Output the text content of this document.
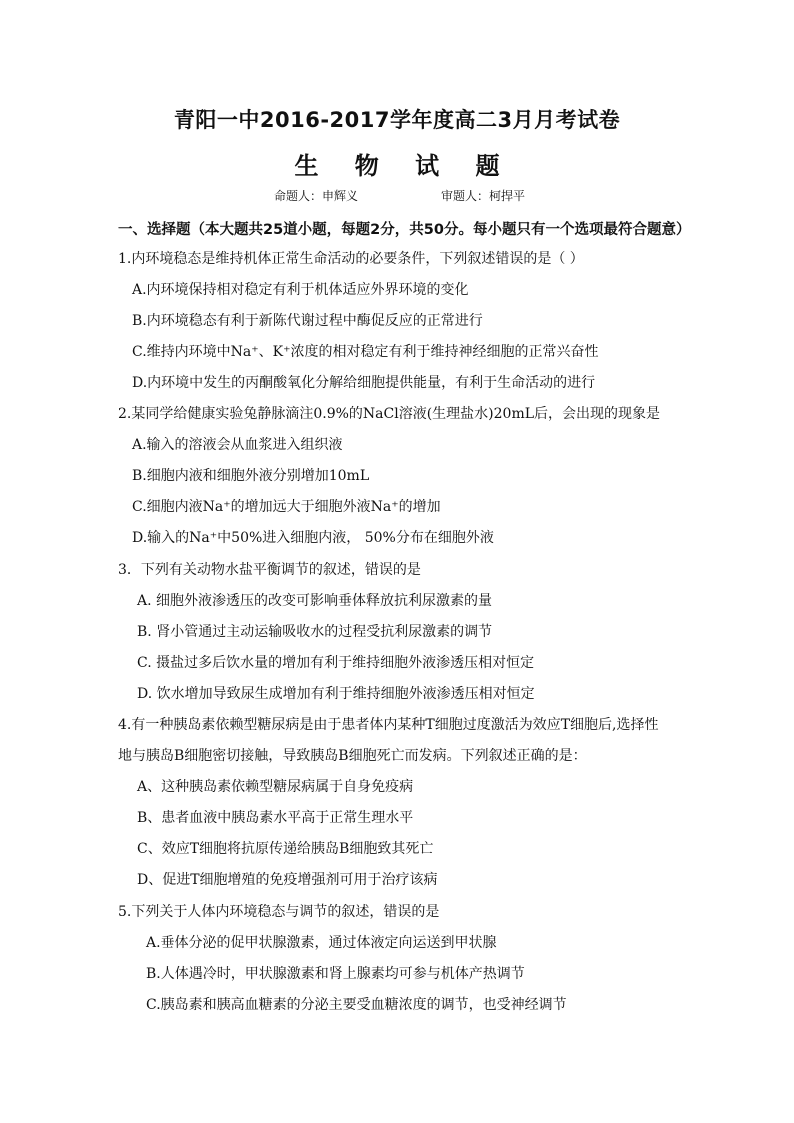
青阳一中2016-2017学年度高二3月月考试卷
生 物 试 题
命题人：申辉义	审题人：柯捍平
一、选择题（本大题共25道小题，每题2分，共50分。每小题只有一个选项最符合题意）
1.内环境稳态是维持机体正常生命活动的必要条件，下列叙述错误的是（ ）
A.内环境保持相对稳定有利于机体适应外界环境的变化
B.内环境稳态有利于新陈代谢过程中酶促反应的正常进行
C.维持内环境中Na⁺、K⁺浓度的相对稳定有利于维持神经细胞的正常兴奋性
D.内环境中发生的丙酮酸氧化分解给细胞提供能量，有利于生命活动的进行
2.某同学给健康实验兔静脉滴注0.9%的NaCl溶液(生理盐水)20mL后，会出现的现象是
A.输入的溶液会从血浆进入组织液
B.细胞内液和细胞外液分别增加10mL
C.细胞内液Na⁺的增加远大于细胞外液Na⁺的增加
D.输入的Na⁺中50%进入细胞内液， 50%分布在细胞外液
3．下列有关动物水盐平衡调节的叙述，错误的是
A. 细胞外液渗透压的改变可影响垂体释放抗利尿激素的量
B. 肾小管通过主动运输吸收水的过程受抗利尿激素的调节
C. 摄盐过多后饮水量的增加有利于维持细胞外液渗透压相对恒定
D. 饮水增加导致尿生成增加有利于维持细胞外液渗透压相对恒定
4.有一种胰岛素依赖型糖尿病是由于患者体内某种T细胞过度激活为效应T细胞后,选择性
地与胰岛B细胞密切接触，导致胰岛B细胞死亡而发病。下列叙述正确的是：
A、这种胰岛素依赖型糖尿病属于自身免疫病
B、患者血液中胰岛素水平高于正常生理水平
C、效应T细胞将抗原传递给胰岛B细胞致其死亡
D、促进T细胞增殖的免疫增强剂可用于治疗该病
5.下列关于人体内环境稳态与调节的叙述，错误的是
A.垂体分泌的促甲状腺激素，通过体液定向运送到甲状腺
B.人体遇冷时，甲状腺激素和肾上腺素均可参与机体产热调节
C.胰岛素和胰高血糖素的分泌主要受血糖浓度的调节，也受神经调节
